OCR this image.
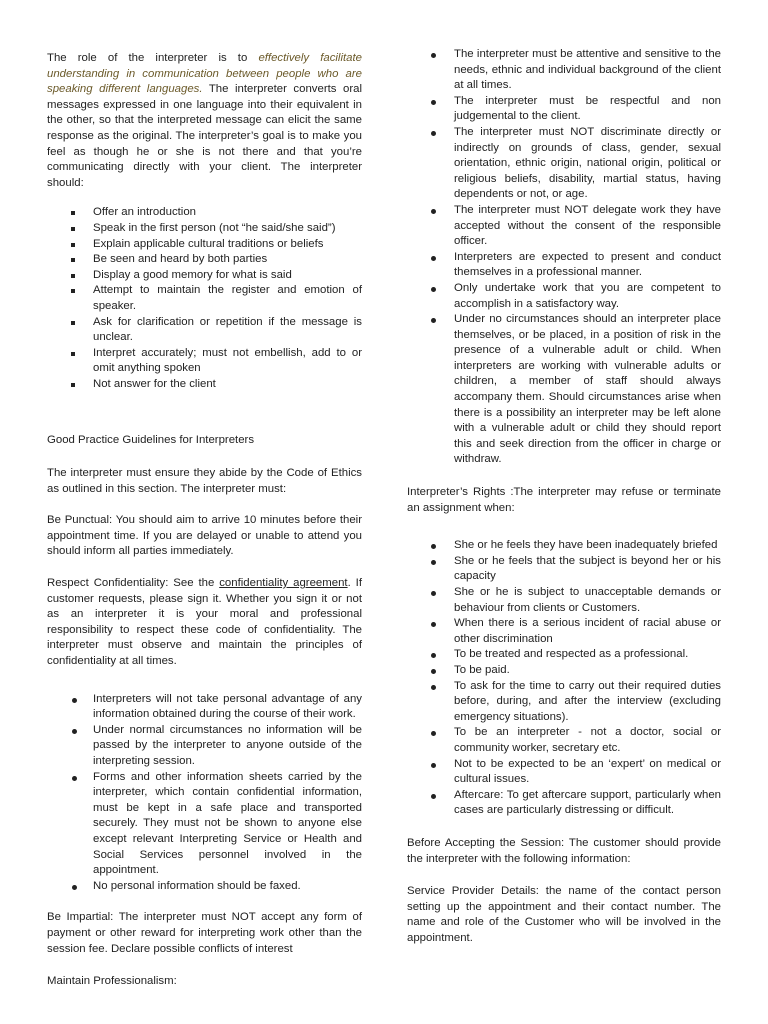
The role of the interpreter is to effectively facilitate understanding in communication between people who are speaking different languages. The interpreter converts oral messages expressed in one language into their equivalent in the other, so that the interpreted message can elicit the same response as the original. The interpreter’s goal is to make you feel as though he or she is not there and that you’re communicating directly with your client. The interpreter should:

Offer an introduction
Speak in the first person (not “he said/she said”)
Explain applicable cultural traditions or beliefs
Be seen and heard by both parties
Display a good memory for what is said
Attempt to maintain the register and emotion of speaker.
Ask for clarification or repetition if the message is unclear.
Interpret accurately; must not embellish, add to or omit anything spoken
Not answer for the client

Good Practice Guidelines for Interpreters

The interpreter must ensure they abide by the Code of Ethics as outlined in this section. The interpreter must:

Be Punctual: You should aim to arrive 10 minutes before their appointment time. If you are delayed or unable to attend you should inform all parties immediately.

Respect Confidentiality: See the confidentiality agreement. If customer requests, please sign it. Whether you sign it or not as an interpreter it is your moral and professional responsibility to respect these code of confidentiality. The interpreter must observe and maintain the principles of confidentiality at all times.

Interpreters will not take personal advantage of any information obtained during the course of their work.
Under normal circumstances no information will be passed by the interpreter to anyone outside of the interpreting session.
Forms and other information sheets carried by the interpreter, which contain confidential information, must be kept in a safe place and transported securely. They must not be shown to anyone else except relevant Interpreting Service or Health and Social Services personnel involved in the appointment.
No personal information should be faxed.

Be Impartial: The interpreter must NOT accept any form of payment or other reward for interpreting work other than the session fee. Declare possible conflicts of interest

Maintain Professionalism:

The interpreter must be attentive and sensitive to the needs, ethnic and individual background of the client at all times.
The interpreter must be respectful and non judgemental to the client.
The interpreter must NOT discriminate directly or indirectly on grounds of class, gender, sexual orientation, ethnic origin, national origin, political or religious beliefs, disability, martial status, having dependents or not, or age.
The interpreter must NOT delegate work they have accepted without the consent of the responsible officer.
Interpreters are expected to present and conduct themselves in a professional manner.
Only undertake work that you are competent to accomplish in a satisfactory way.
Under no circumstances should an interpreter place themselves, or be placed, in a position of risk in the presence of a vulnerable adult or child. When interpreters are working with vulnerable adults or children, a member of staff should always accompany them. Should circumstances arise when there is a possibility an interpreter may be left alone with a vulnerable adult or child they should report this and seek direction from the officer in charge or withdraw.

Interpreter’s Rights :The interpreter may refuse or terminate an assignment when:

She or he feels they have been inadequately briefed
She or he feels that the subject is beyond her or his capacity
She or he is subject to unacceptable demands or behaviour from clients or Customers.
When there is a serious incident of racial abuse or other discrimination
To be treated and respected as a professional.
To be paid.
To ask for the time to carry out their required duties before, during, and after the interview (excluding emergency situations).
To be an interpreter - not a doctor, social or community worker, secretary etc.
Not to be expected to be an ‘expert’ on medical or cultural issues.
Aftercare: To get aftercare support, particularly when cases are particularly distressing or difficult.

Before Accepting the Session: The customer should provide the interpreter with the following information:

Service Provider Details: the name of the contact person setting up the appointment and their contact number. The name and role of the Customer who will be involved in the appointment.
